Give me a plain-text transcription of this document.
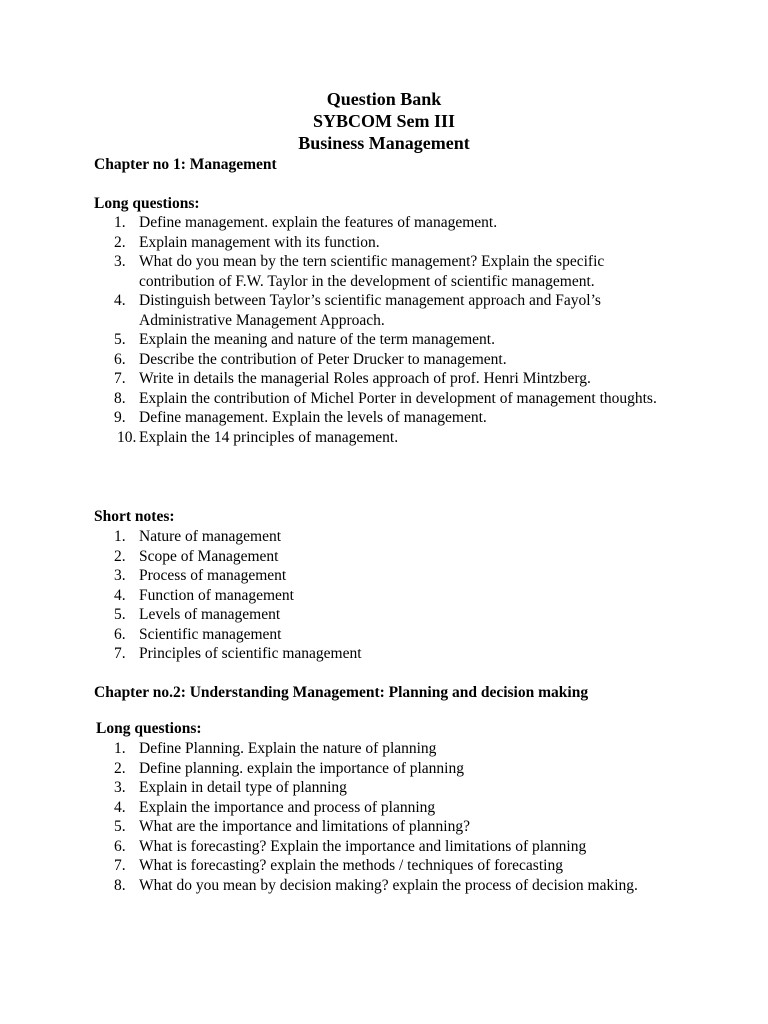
Question Bank
SYBCOM Sem III
Business Management
Chapter no 1: Management
Long questions:
1. Define management. explain the features of management.
2. Explain management with its function.
3. What do you mean by the tern scientific management? Explain the specific contribution of F.W. Taylor in the development of scientific management.
4. Distinguish between Taylor’s scientific management approach and Fayol’s Administrative Management Approach.
5. Explain the meaning and nature of the term management.
6. Describe the contribution of Peter Drucker to management.
7. Write in details the managerial Roles approach of prof. Henri Mintzberg.
8. Explain the contribution of Michel Porter in development of management thoughts.
9. Define management. Explain the levels of management.
10. Explain the 14 principles of management.
Short notes:
1. Nature of management
2. Scope of Management
3. Process of management
4. Function of management
5. Levels of management
6. Scientific management
7. Principles of scientific management
Chapter no.2: Understanding Management: Planning and decision making
Long questions:
1. Define Planning. Explain the nature of planning
2. Define planning. explain the importance of planning
3. Explain in detail type of planning
4. Explain the importance and process of planning
5. What are the importance and limitations of planning?
6. What is forecasting? Explain the importance and limitations of planning
7. What is forecasting? explain the methods / techniques of forecasting
8. What do you mean by decision making? explain the process of decision making.
